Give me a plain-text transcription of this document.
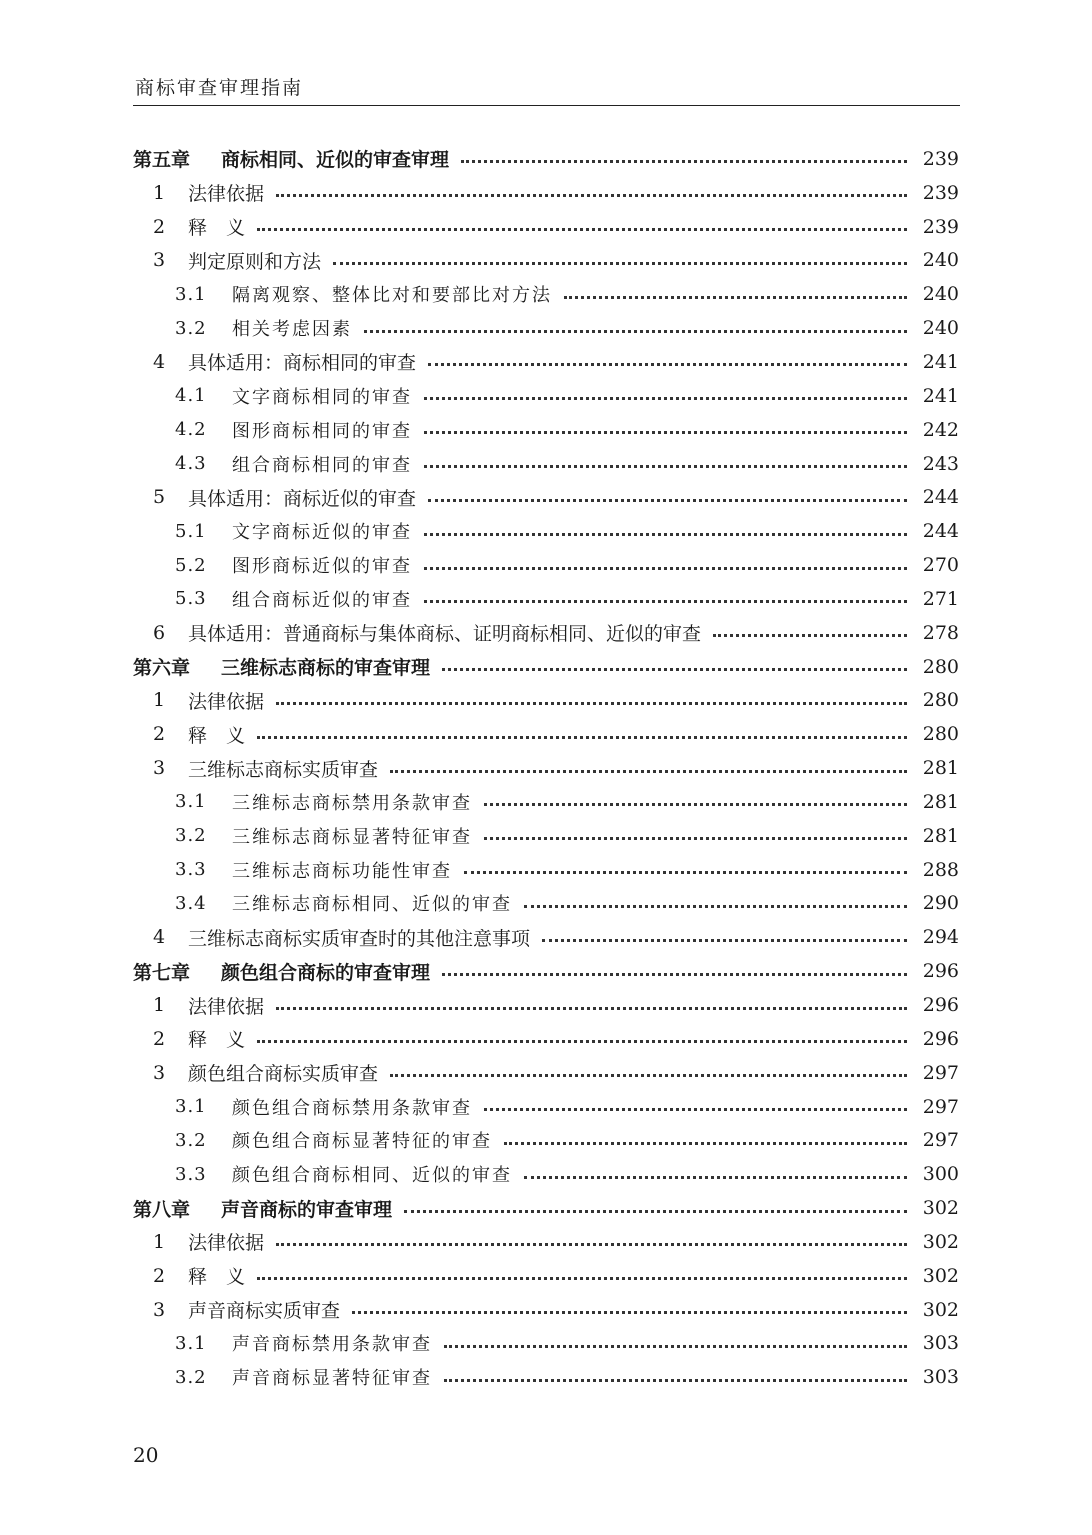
商标审查审理指南
第五章	商标相同、近似的审查审理	239
1	法律依据	239
2	释　义	239
3	判定原则和方法	240
3.1	隔离观察、整体比对和要部比对方法	240
3.2	相关考虑因素	240
4	具体适用：商标相同的审查	241
4.1	文字商标相同的审查	241
4.2	图形商标相同的审查	242
4.3	组合商标相同的审查	243
5	具体适用：商标近似的审查	244
5.1	文字商标近似的审查	244
5.2	图形商标近似的审查	270
5.3	组合商标近似的审查	271
6	具体适用：普通商标与集体商标、证明商标相同、近似的审查	278
第六章	三维标志商标的审查审理	280
1	法律依据	280
2	释　义	280
3	三维标志商标实质审查	281
3.1	三维标志商标禁用条款审查	281
3.2	三维标志商标显著特征审查	281
3.3	三维标志商标功能性审查	288
3.4	三维标志商标相同、近似的审查	290
4	三维标志商标实质审查时的其他注意事项	294
第七章	颜色组合商标的审查审理	296
1	法律依据	296
2	释　义	296
3	颜色组合商标实质审查	297
3.1	颜色组合商标禁用条款审查	297
3.2	颜色组合商标显著特征的审查	297
3.3	颜色组合商标相同、近似的审查	300
第八章	声音商标的审查审理	302
1	法律依据	302
2	释　义	302
3	声音商标实质审查	302
3.1	声音商标禁用条款审查	303
3.2	声音商标显著特征审查	303
20
